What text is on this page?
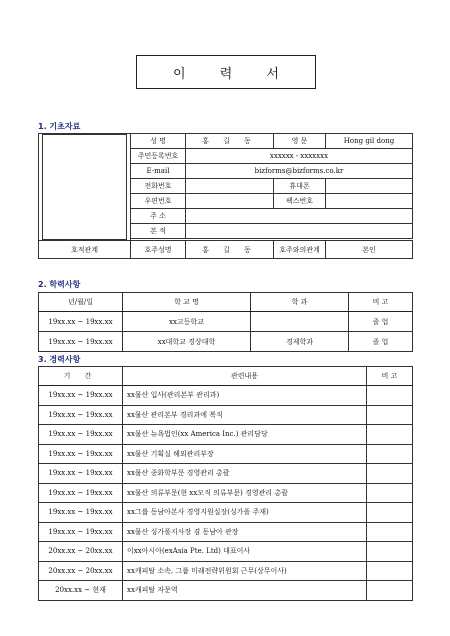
이 력 서
1. 기초자료
	성 명	홍 길 동	영 문	Hong gil dong
	주민등록번호	xxxxxx - xxxxxxx		
	E-mail	bizforms@bizforms.co.kr		
	전화번호		휴대폰	
	우편번호		팩스번호	
	주 소			
	본 적			

호적관계	호주성명	홍 길 동	호주와의관계	본인
2. 학력사항
년/월/일	학 교 명	학 과	비 고
19xx.xx ~ 19xx.xx	xx고등학교		졸 업
19xx.xx ~ 19xx.xx	xx대학교 경상대학	경제학과	졸 업
3. 경력사항
기 간	관련내용	비 고
19xx.xx ~ 19xx.xx	xx물산 입사(관리본부 관리과)	
19xx.xx ~ 19xx.xx	xx물산 관리본부 경리과에 복직	
19xx.xx ~ 19xx.xx	xx물산 뉴욕법인(xx America Inc.) 관리담당	
19xx.xx ~ 19xx.xx	xx물산 기획실 해외관리부장	
19xx.xx ~ 19xx.xx	xx물산 종화학부문 경영관리 총괄	
19xx.xx ~ 19xx.xx	xx물산 의류부문(현 xx모직 의류부문) 경영관리 총괄	
19xx.xx ~ 19xx.xx	xx그룹 동남아본사 경영지원실장(싱가폴 주재)	
19xx.xx ~ 19xx.xx	xx물산 싱가폴지사장 겸 동남아 관장	
20xx.xx ~ 20xx.xx	이xx아시아(exAsia Pte. Ltd) 대표이사	
20xx.xx ~ 20xx.xx	xx캐피탈 소속, 그룹 미래전략위원회 근무(상무이사)	
20xx.xx ~ 현재	xx캐피탈 자문역	
